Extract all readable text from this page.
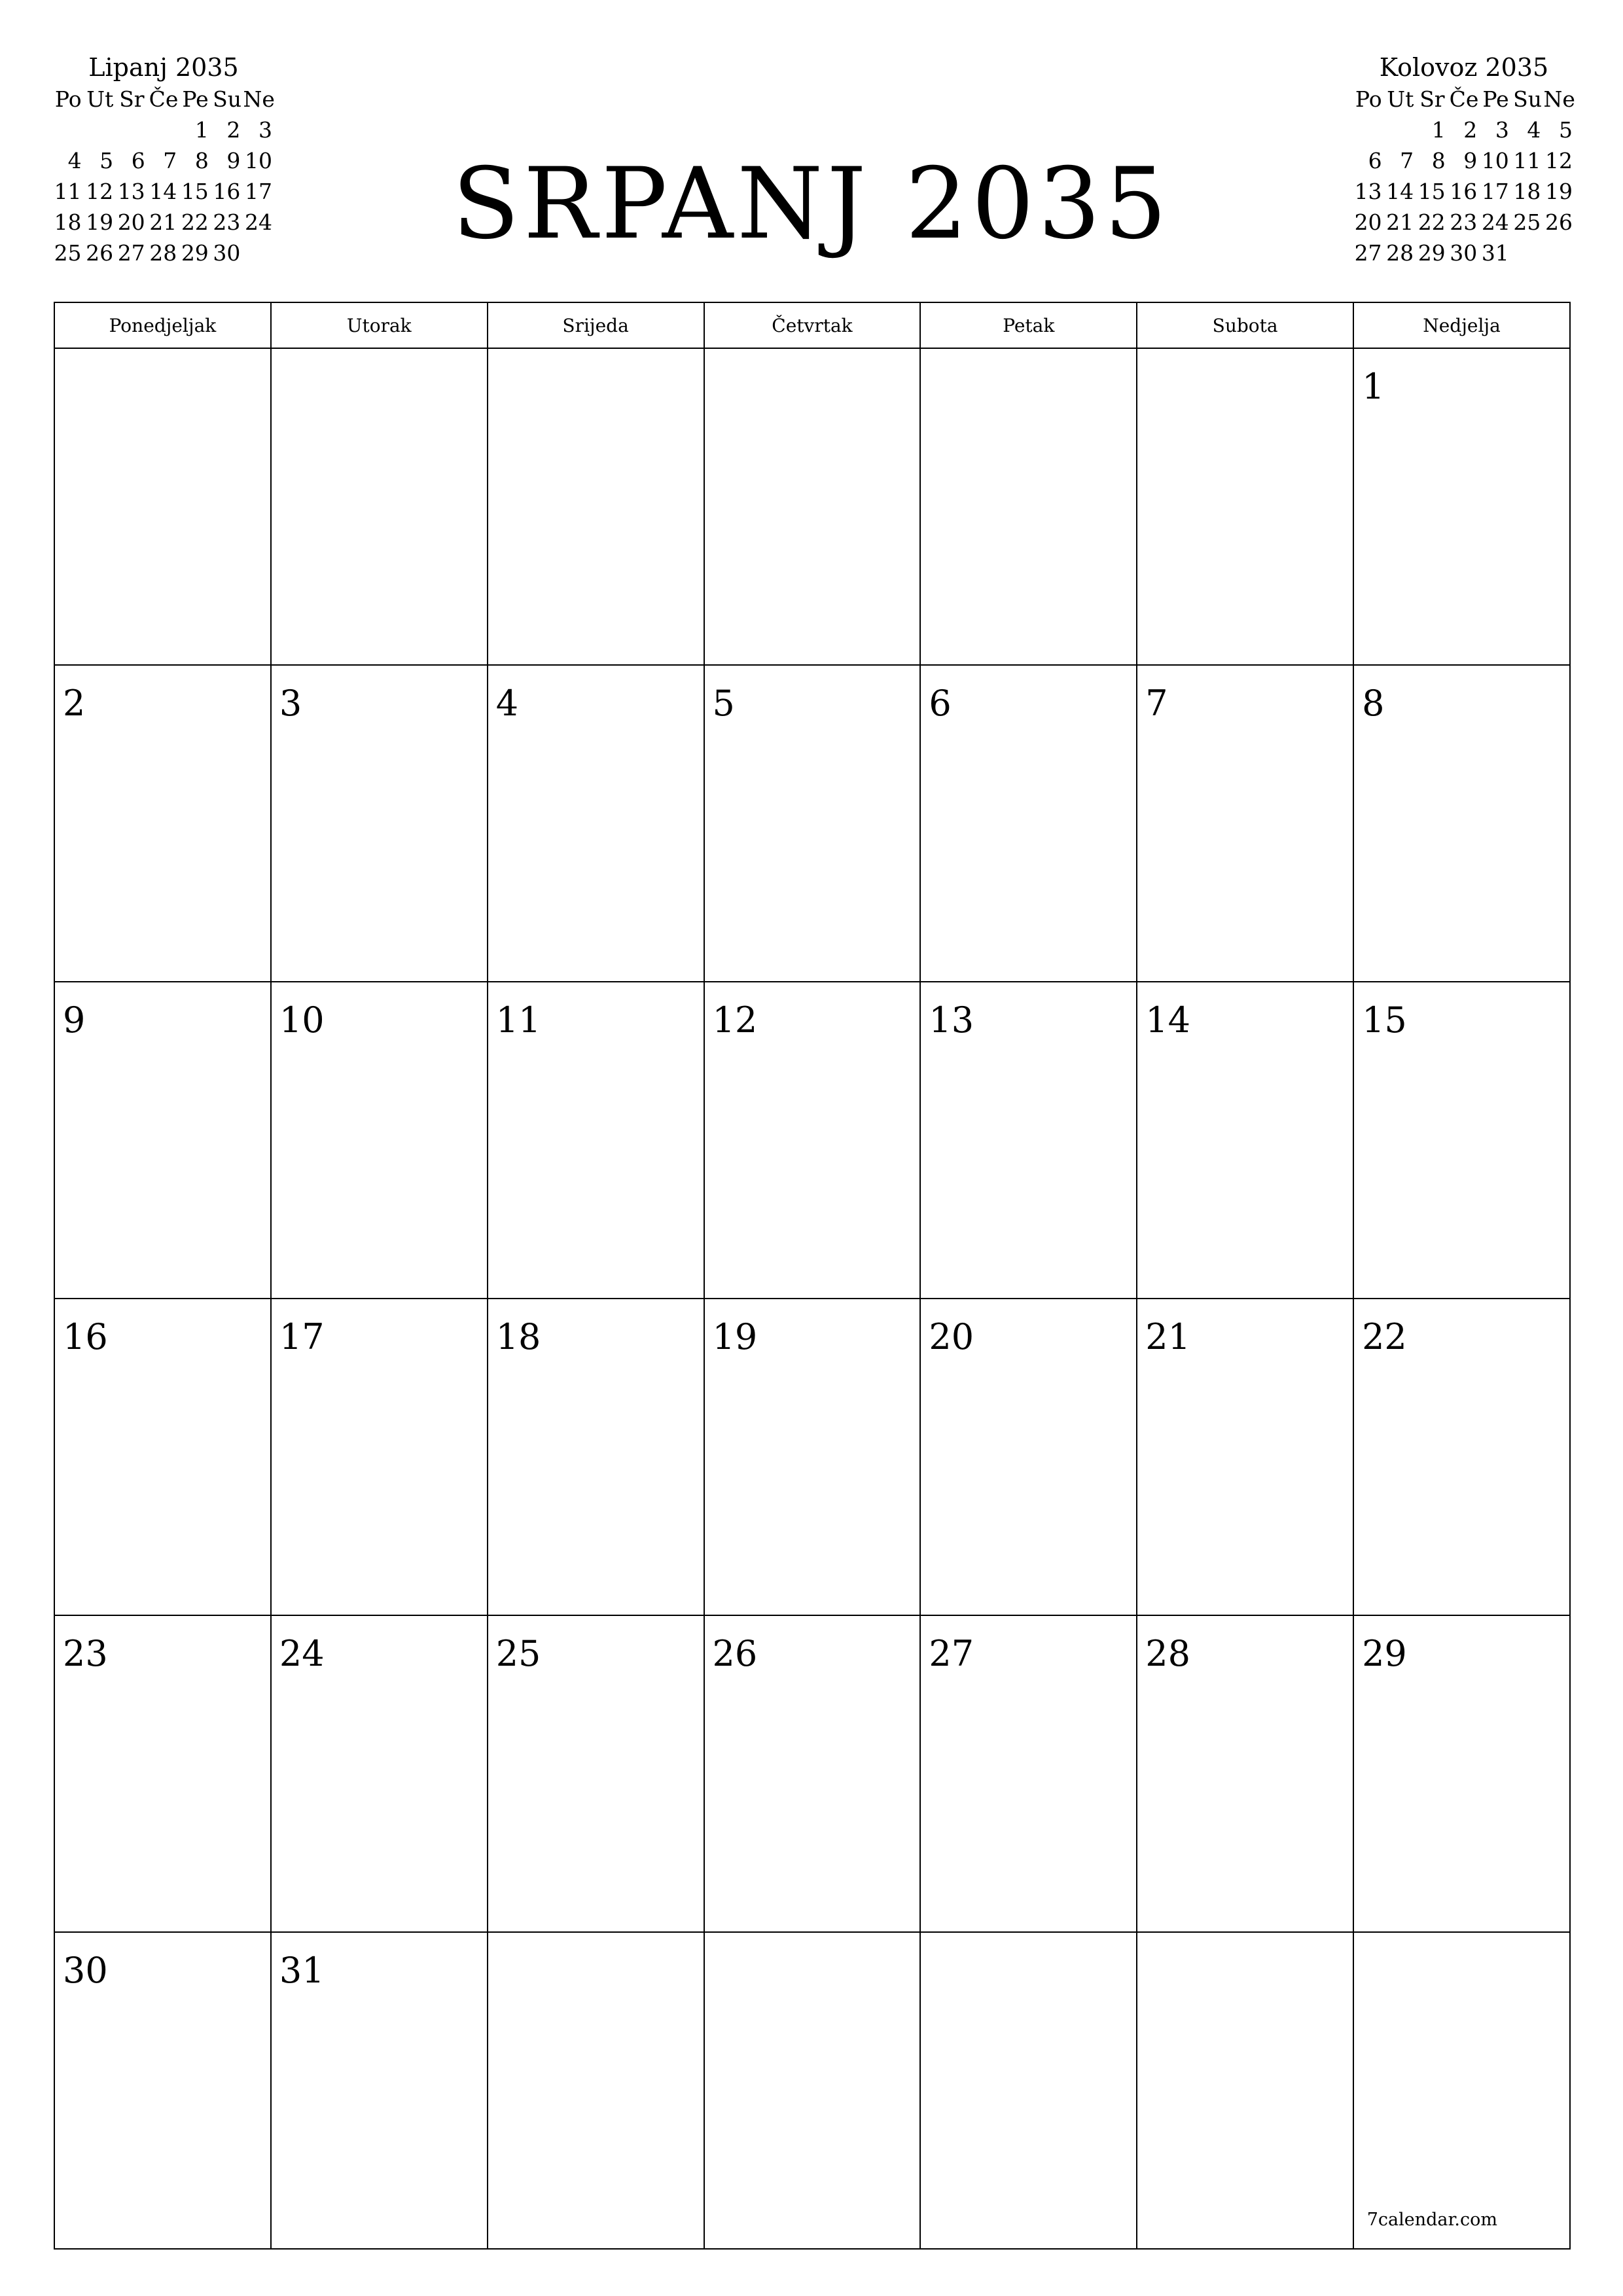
Lipanj 2035
Po	Ut	Sr	Če	Pe	Su	Ne
				1	2	3
4	5	6	7	8	9	10
11	12	13	14	15	16	17
18	19	20	21	22	23	24
25	26	27	28	29	30		SRPANJ 2035
Kolovoz 2035
Po	Ut	Sr	Če	Pe	Su	Ne
		1	2	3	4	5
6	7	8	9	10	11	12
13	14	15	16	17	18	19
20	21	22	23	24	25	26
27	28	29	30	31		
Ponedjeljak	Utorak	Srijeda	Četvrtak	Petak	Subota	Nedjelja

						1

2	3	4	5	6	7	8

9	10	11	12	13	14	15

16	17	18	19	20	21	22

23	24	25	26	27	28	29

30	31					7calendar.com
